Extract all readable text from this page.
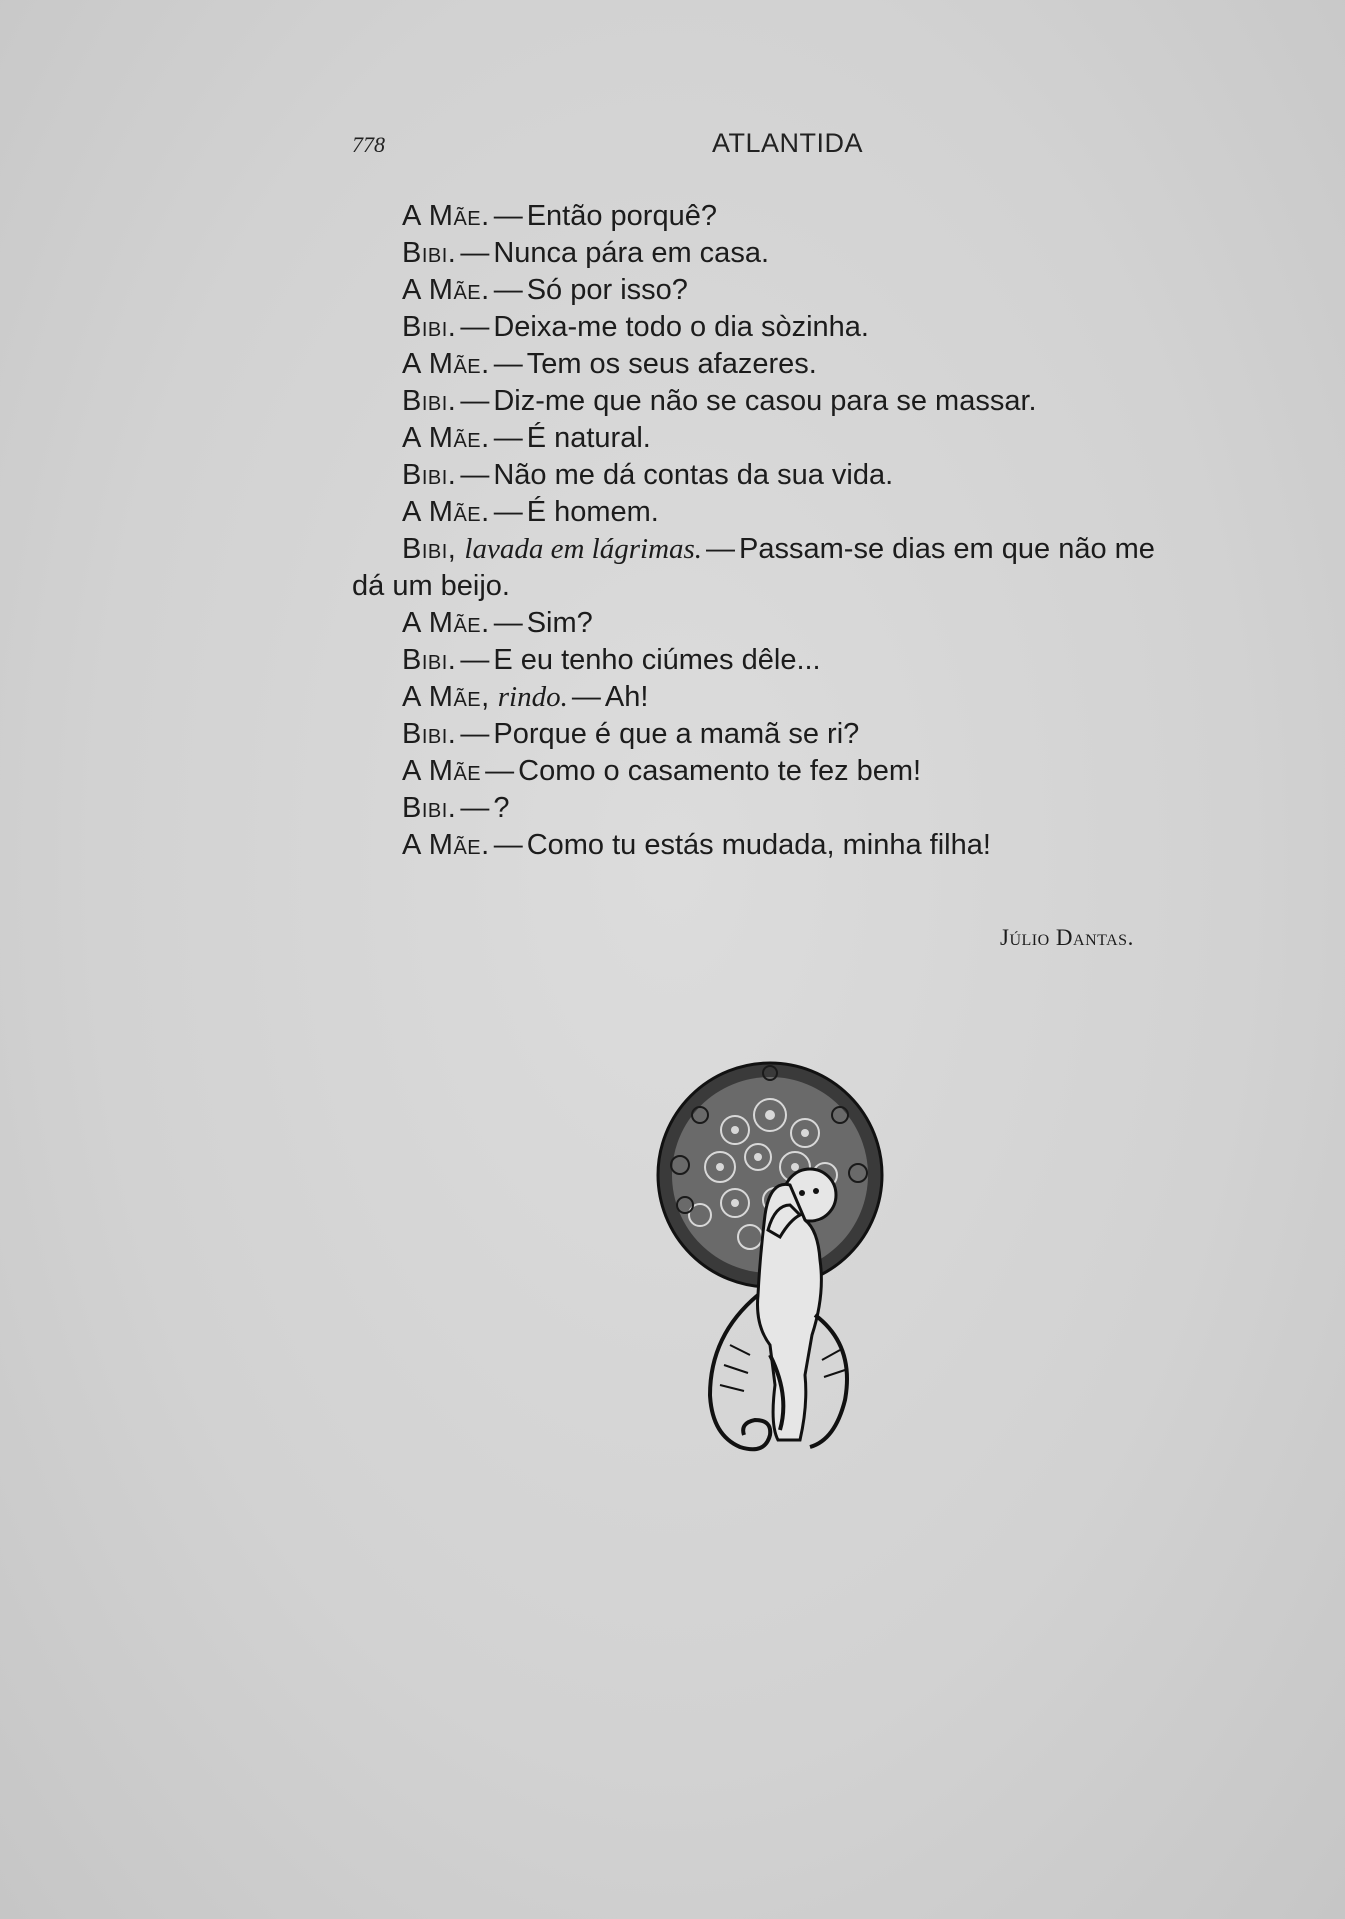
778	ATLANTIDA
A Mãe. — Então porquê?
Bibi. — Nunca pára em casa.
A Mãe. — Só por isso?
Bibi. — Deixa-me todo o dia sòzinha.
A Mãe. — Tem os seus afazeres.
Bibi. — Diz-me que não se casou para se massar.
A Mãe. — É natural.
Bibi. — Não me dá contas da sua vida.
A Mãe. — É homem.
Bibi, lavada em lágrimas. — Passam-se dias em que não me
dá um beijo.
A Mãe. — Sim?
Bibi. — E eu tenho ciúmes dêle...
A Mãe, rindo. — Ah!
Bibi. — Porque é que a mamã se ri?
A Mãe — Como o casamento te fez bem!
Bibi. — ?
A Mãe. — Como tu estás mudada, minha filha!
Júlio Dantas.
